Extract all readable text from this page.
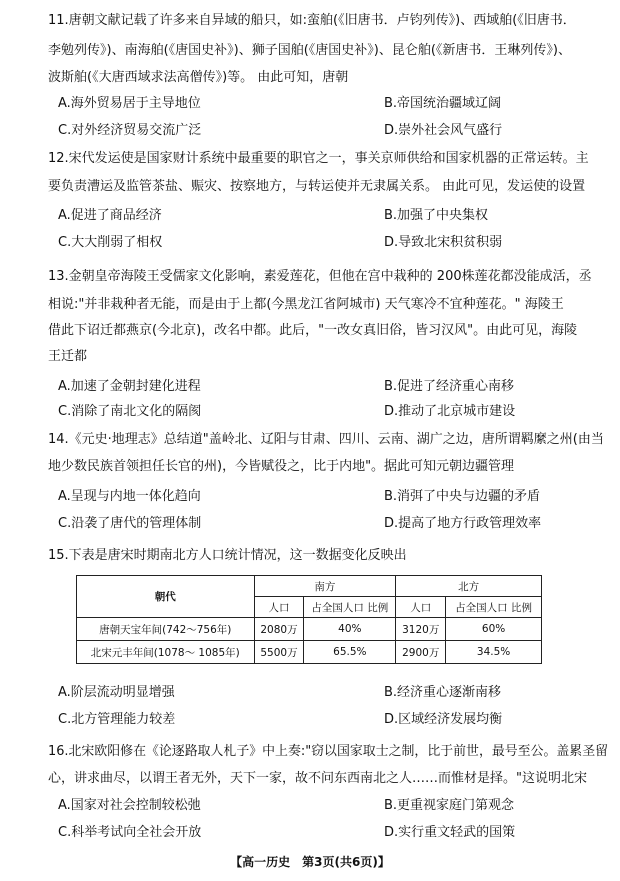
11.唐朝文献记载了许多来自异域的船只，如:蛮舶(《旧唐书．卢钧列传》)、西域舶(《旧唐书．
李勉列传》)、南海舶(《唐国史补》)、狮子国舶(《唐国史补》)、昆仑舶(《新唐书．王琳列传》)、
波斯舶(《大唐西域求法高僧传》)等。 由此可知，唐朝
A.海外贸易居于主导地位	B.帝国统治疆域辽阔
C.对外经济贸易交流广泛	D.崇外社会风气盛行
12.宋代发运使是国家财计系统中最重要的职官之一，事关京师供给和国家机器的正常运转。主
要负责漕运及监管茶盐、赈灾、按察地方，与转运使并无隶属关系。 由此可见，发运使的设置
A.促进了商品经济	B.加强了中央集权
C.大大削弱了相权	D.导致北宋积贫积弱
13.金朝皇帝海陵王受儒家文化影响，素爱莲花，但他在宫中栽种的 200株莲花都没能成活，丞
相说:"并非栽种者无能，而是由于上都(今黑龙江省阿城市) 天气寒冷不宜种莲花。" 海陵王
借此下诏迁都燕京(今北京)，改名中都。此后，"一改女真旧俗，皆习汉风"。由此可见，海陵
王迁都
A.加速了金朝封建化进程	B.促进了经济重心南移
C.消除了南北文化的隔阂	D.推动了北京城市建设
14.《元史·地理志》总结道"盖岭北、辽阳与甘肃、四川、云南、湖广之边，唐所谓羁縻之州(由当
地少数民族首领担任长官的州)，今皆赋役之，比于内地"。据此可知元朝边疆管理
A.呈现与内地一体化趋向	B.消弭了中央与边疆的矛盾
C.沿袭了唐代的管理体制	D.提高了地方行政管理效率
15.下表是唐宋时期南北方人口统计情况，这一数据变化反映出
A.阶层流动明显增强	B.经济重心逐渐南移
C.北方管理能力较差	D.区域经济发展均衡
朝代	南方		北方	
	人口	占全国人口 比例	人口	占全国人口 比例
唐朝天宝年间(742～756年)	2080万	40%	3120万	60%
北宋元丰年间(1078～ 1085年)	5500万	65.5%	2900万	34.5%
16.北宋欧阳修在《论逐路取人札子》中上奏:"窃以国家取士之制，比于前世，最号至公。盖累圣留
心，讲求曲尽，以谓王者无外，天下一家，故不问东西南北之人……而惟材是择。"这说明北宋
A.国家对社会控制较松弛	B.更重视家庭门第观念
C.科举考试向全社会开放	D.实行重文轻武的国策
【高一历史　第3页(共6页)】
